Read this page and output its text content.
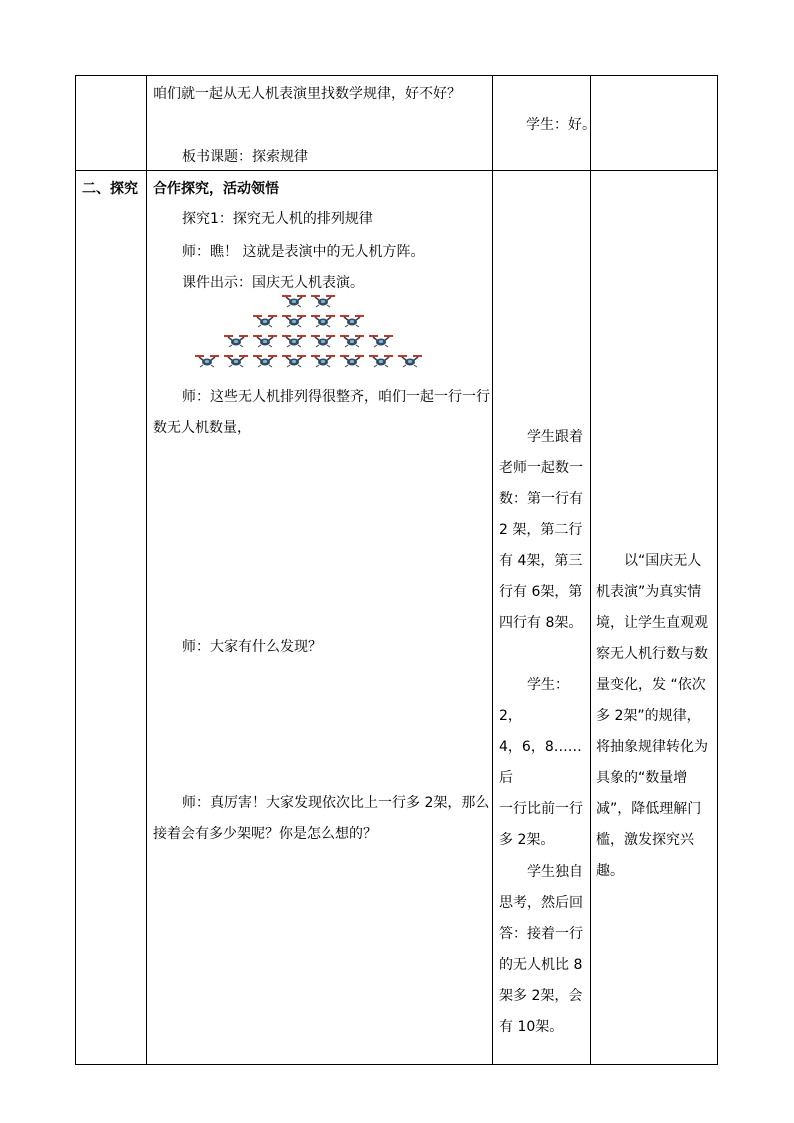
咱们就一起从无人机表演里找数学规律，好不好？
板书课题：探索规律
学生：好。
二、探究 合作探究，活动领悟
探究1：探究无人机的排列规律
师：瞧！ 这就是表演中的无人机方阵。
课件出示：国庆无人机表演。
师：这些无人机排列得很整齐，咱们一起一行一行
数无人机数量，
师：大家有什么发现？
师：真厉害！大家发现依次比上一行多 2架，那么
接着会有多少架呢？你是怎么想的？

学生跟着

老师一起数一

数：第一行有

2 架，第二行

有 4架，第三

行有 6架，第

四行有 8架。

学生：2，

4，6，8……后

一行比前一行

多 2架。

学生独自

思考，然后回

答：接着一行

的无人机比 8

架多 2架，会

有 10架。

以“国庆无人
机表演”为真实情
境，让学生直观观
察无人机行数与数
量变化，发 “依次
多 2架”的规律，
将抽象规律转化为
具象的“数量增
减”，降低理解门
槛，激发探究兴趣。
